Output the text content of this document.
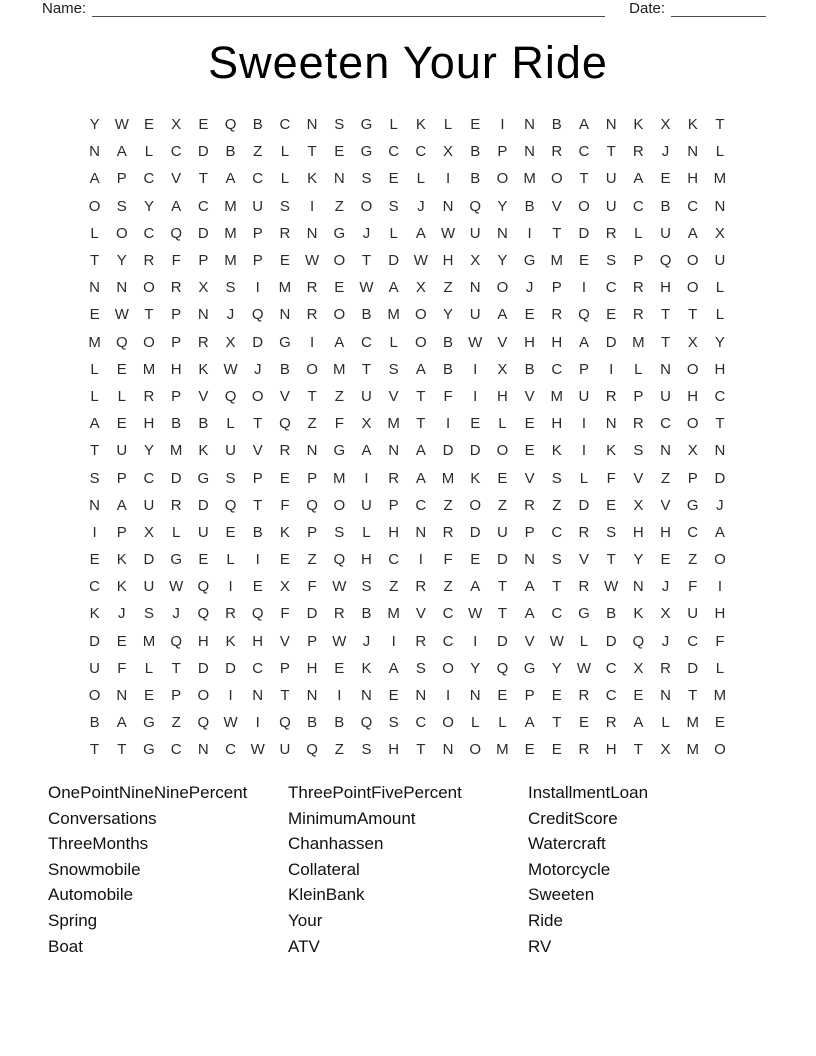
Name:	Date:
Sweeten Your Ride
Y	W	E	X	E	Q	B	C	N	S	G	L	K	L	E	I	N	B	A	N	K	X	K	T
N	A	L	C	D	B	Z	L	T	E	G	C	C	X	B	P	N	R	C	T	R	J	N	L
A	P	C	V	T	A	C	L	K	N	S	E	L	I	B	O	M	O	T	U	A	E	H	M
O	S	Y	A	C	M	U	S	I	Z	O	S	J	N	Q	Y	B	V	O	U	C	B	C	N
L	O	C	Q	D	M	P	R	N	G	J	L	A	W U	N	I	T	D	R	L	U	A	X
T	Y	R	F	P	M	P	E	W O	T	D W H	X	Y	G	M	E	S	P	Q	O	U
N	N	O	R	X	S	I	M	R	E	W	A	X	Z	N	O	J	P	I	C	R	H	O	L
E	W	T	P	N	J	Q	N	R	O	B	M	O	Y	U	A	E	R	Q	E	R	T	T	L
M	Q	O	P	R	X	D	G	I	A	C	L	O	B	W	V	H	H	A	D	M	T	X	Y
L	E	M	H	K	W	J	B	O	M	T	S	A	B	I	X	B	C	P	I	L	N	O	H
L	L	R	P	V	Q	O	V	T	Z	U	V	T	F	I	H	V	M	U	R	P	U	H	C
A	E	H	B	B	L	T	Q	Z	F	X	M	T	I	E	L	E	H	I	N	R	C	O	T
T	U	Y	M	K	U	V	R	N	G	A	N	A	D	D	O	E	K	I	K	S	N	X	N
S	P	C	D	G	S	P	E	P	M	I	R	A	M	K	E	V	S	L	F	V	Z	P	D
N	A	U	R	D	Q	T	F	Q	O	U	P	C	Z	O	Z	R	Z	D	E	X	V	G	J
I	P	X	L	U	E	B	K	P	S	L	H	N	R	D	U	P	C	R	S	H	H	C	A
E	K	D	G	E	L	I	E	Z	Q	H	C	I	F	E	D	N	S	V	T	Y	E	Z	O
C	K	U W Q	I	E	X	F	W	S	Z	R	Z	A	T	A	T	R W N	J	F	I
K	J	S	J	Q	R	Q	F	D	R	B	M	V	C W	T	A	C	G	B	K	X	U	H
D	E	M	Q	H	K	H	V	P	W	J	I	R	C	I	D	V	W	L	D	Q	J	C	F
U	F	L	T	D	D	C	P	H	E	K	A	S	O	Y	Q	G	Y	W C	X	R	D	L
O	N	E	P	O	I	N	T	N	I	N	E	N	I	N	E	P	E	R	C	E	N	T	M
B	A	G	Z	Q W	I	Q	B	B	Q	S	C	O	L	L	A	T	E	R	A	L	M	E
T	T	G	C	N	C W U	Q	Z	S	H	T	N	O	M	E	E	R	H	T	X	M	O
OnePointNineNinePercent
Conversations
ThreeMonths
Snowmobile
Automobile
Spring
Boat
ThreePointFivePercent
MinimumAmount
Chanhassen
Collateral
KleinBank
Your
ATV
InstallmentLoan
CreditScore
Watercraft
Motorcycle
Sweeten
Ride
RV
